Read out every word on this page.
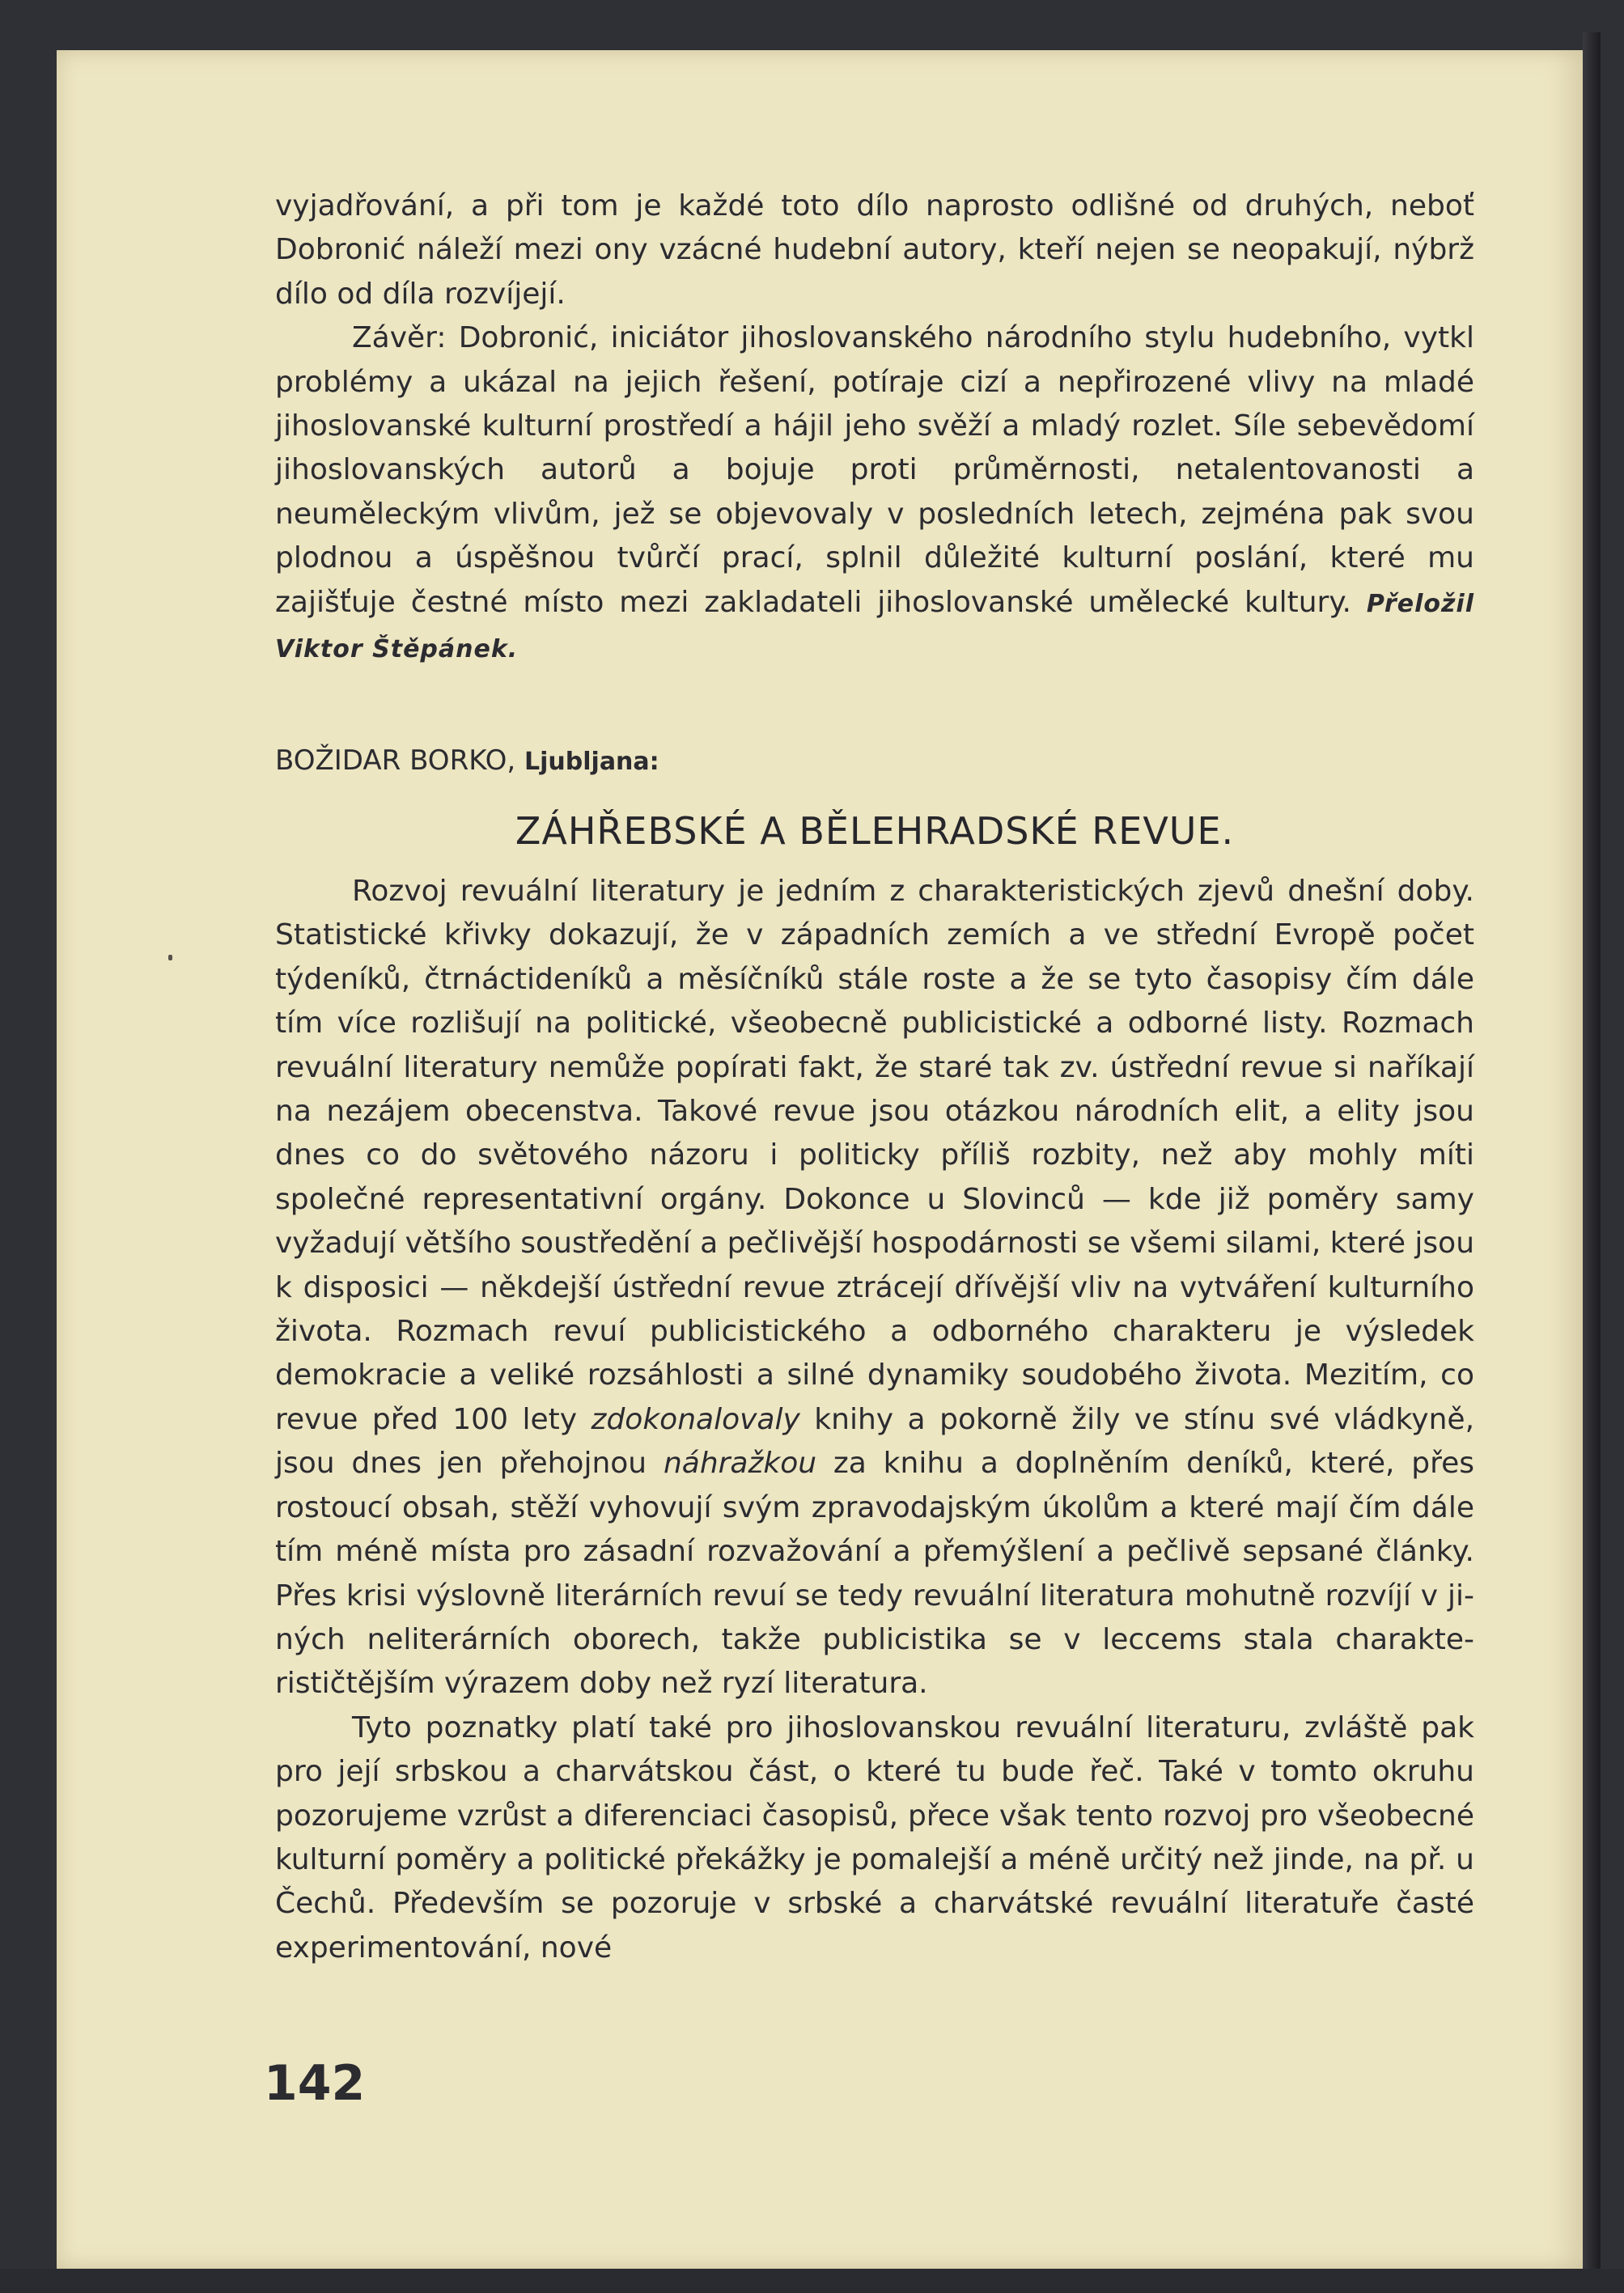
vyjadřování, a při tom je každé toto dílo naprosto odlišné od druhých, neboť Dobronić náleží mezi ony vzácné hudební autory, kteří nejen se neopakují, nýbrž dílo od díla rozvíjejí.

Závěr: Dobronić, iniciátor jihoslovanského národního stylu hudebního, vytkl problémy a ukázal na jejich řešení, potíraje cizí a nepřirozené vlivy na mladé jihoslovanské kulturní prostředí a hájil jeho svěží a mladý rozlet. Síle sebevědomí jihoslovanských autorů a bojuje proti průměrnosti, netalentovanosti a neuměleckým vlivům, jež se objevovaly v posledních letech, zejména pak svou plodnou a úspěšnou tvůrčí prací, splnil důležité kulturní poslání, které mu zajišťuje čestné místo mezi zakladateli jihoslovanské umělecké kultury. Přeložil Viktor Štěpánek.

BOŽIDAR BORKO, Ljubljana:
ZÁHŘEBSKÉ A BĚLEHRADSKÉ REVUE.

Rozvoj revuální literatury je jedním z charakteristických zjevů dnešní doby. Statistické křivky dokazují, že v západních zemích a ve střední Evropě počet týdeníků, čtrnáctideníků a měsíčníků stále roste a že se tyto časopisy čím dále tím více rozlišují na politické, všeobecně publicistické a odborné listy. Rozmach revuální literatury nemůže popírati fakt, že staré tak zv. ústřední revue si naříkají na nezájem obecenstva. Takové revue jsou otázkou národních elit, a elity jsou dnes co do světového názoru i politicky příliš rozbity, než aby mohly míti společné representativní orgány. Dokonce u Slovinců — kde již poměry samy vyžadují většího soustředění a pečlivější hospodárnosti se všemi silami, které jsou k disposici — někdejší ústřední revue ztrácejí dřívější vliv na vytváření kulturního života. Rozmach revuí publicistického a odborného charakteru je výsledek demokracie a veliké rozsáhlosti a silné dynamiky soudobého života. Mezitím, co revue před 100 lety zdokonalovaly knihy a pokorně žily ve stínu své vládkyně, jsou dnes jen přehojnou náhražkou za knihu a doplněním deníků, které, přes rostoucí obsah, stěží vyhovují svým zpravodajským úkolům a které mají čím dále tím méně místa pro zásadní rozvažování a přemýšlení a pečlivě sepsané články. Přes krisi výslovně literárních revuí se tedy revuální literatura mohutně rozvíjí v jiných neliterárních oborech, takže publicistika se v leccems stala charakterističtějším výrazem doby než ryzí literatura.

Tyto poznatky platí také pro jihoslovanskou revuální literaturu, zvláště pak pro její srbskou a charvátskou část, o které tu bude řeč. Také v tomto okruhu pozorujeme vzrůst a diferenciaci časopisů, přece však tento rozvoj pro všeobecné kulturní poměry a politické překážky je pomalejší a méně určitý než jinde, na př. u Čechů. Především se pozoruje v srbské a charvátské revuální literatuře časté experimentování, nové

142
